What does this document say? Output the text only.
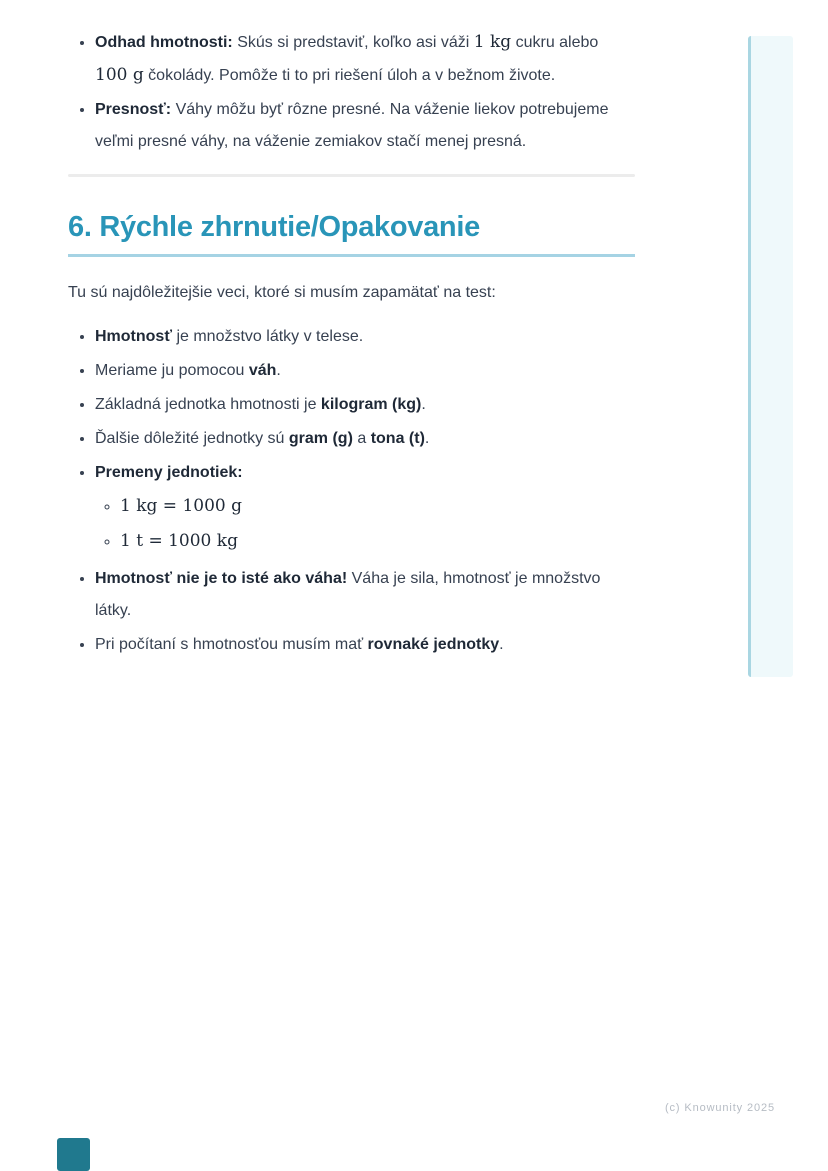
• Odhad hmotnosti: Skús si predstaviť, koľko asi váži 1 kg cukru alebo 100 g čokolády. Pomôže ti to pri riešení úloh a v bežnom živote.
• Presnosť: Váhy môžu byť rôzne presné. Na váženie liekov potrebujeme veľmi presné váhy, na váženie zemiakov stačí menej presná.
6. Rýchle zhrnutie/Opakovanie

Tu sú najdôležitejšie veci, ktoré si musím zapamätať na test:

• Hmotnosť je množstvo látky v telese.
• Meriame ju pomocou váh.
• Základná jednotka hmotnosti je kilogram (kg).
• Ďalšie dôležité jednotky sú gram (g) a tona (t).
• Premeny jednotiek:
◦ 1 kg = 1000 g
◦ 1 t = 1000 kg
• Hmotnosť nie je to isté ako váha! Váha je sila, hmotnosť je množstvo látky.
• Pri počítaní s hmotnosťou musím mať rovnaké jednotky.
(c) Knowunity 2025
